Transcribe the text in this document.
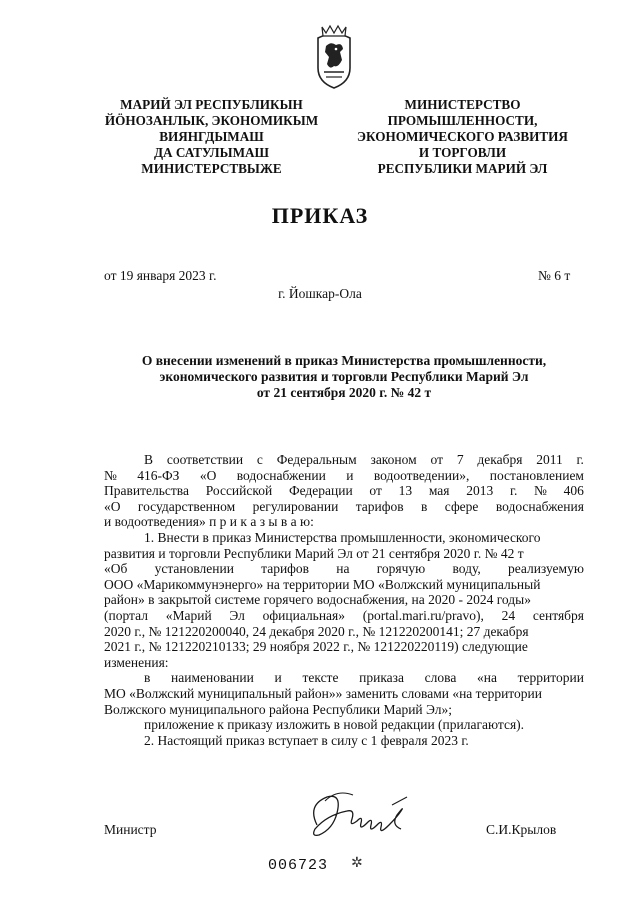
МАРИЙ ЭЛ РЕСПУБЛИКЫН
ЙӦНОЗАНЛЫК, ЭКОНОМИКЫМ
ВИЯНГДЫМАШ
ДА САТУЛЫМАШ
МИНИСТЕРСТВЫЖЕ
МИНИСТЕРСТВО
ПРОМЫШЛЕННОСТИ,
ЭКОНОМИЧЕСКОГО РАЗВИТИЯ
И ТОРГОВЛИ
РЕСПУБЛИКИ МАРИЙ ЭЛ
ПРИКАЗ
от 19 января 2023 г.	№ 6 т
г. Йошкар-Ола
О внесении изменений в приказ Министерства промышленности,
экономического развития и торговли Республики Марий Эл
от 21 сентября 2020 г. № 42 т
В соответствии с Федеральным законом от 7 декабря 2011 г.
№ 416-ФЗ «О водоснабжении и водоотведении», постановлением
Правительства Российской Федерации от 13 мая 2013 г. № 406
«О государственном регулировании тарифов в сфере водоснабжения
и водоотведения» п р и к а з ы в а ю:
1. Внести в приказ Министерства промышленности, экономического
развития и торговли Республики Марий Эл от 21 сентября 2020 г. № 42 т
«Об установлении тарифов на горячую воду, реализуемую
ООО «Марикоммунэнерго» на территории МО «Волжский муниципальный
район» в закрытой системе горячего водоснабжения, на 2020 - 2024 годы»
(портал «Марий Эл официальная» (portal.mari.ru/pravo), 24 сентября
2020 г., № 121220200040, 24 декабря 2020 г., № 121220200141; 27 декабря
2021 г., № 121220210133; 29 ноября 2022 г., № 121220220119) следующие
изменения:
в наименовании и тексте приказа слова «на территории
МО «Волжский муниципальный район»» заменить словами «на территории
Волжского муниципального района Республики Марий Эл»;
приложение к приказу изложить в новой редакции (прилагаются).
2. Настоящий приказ вступает в силу с 1 февраля 2023 г.
Министр	С.И.Крылов
006723 ✲
